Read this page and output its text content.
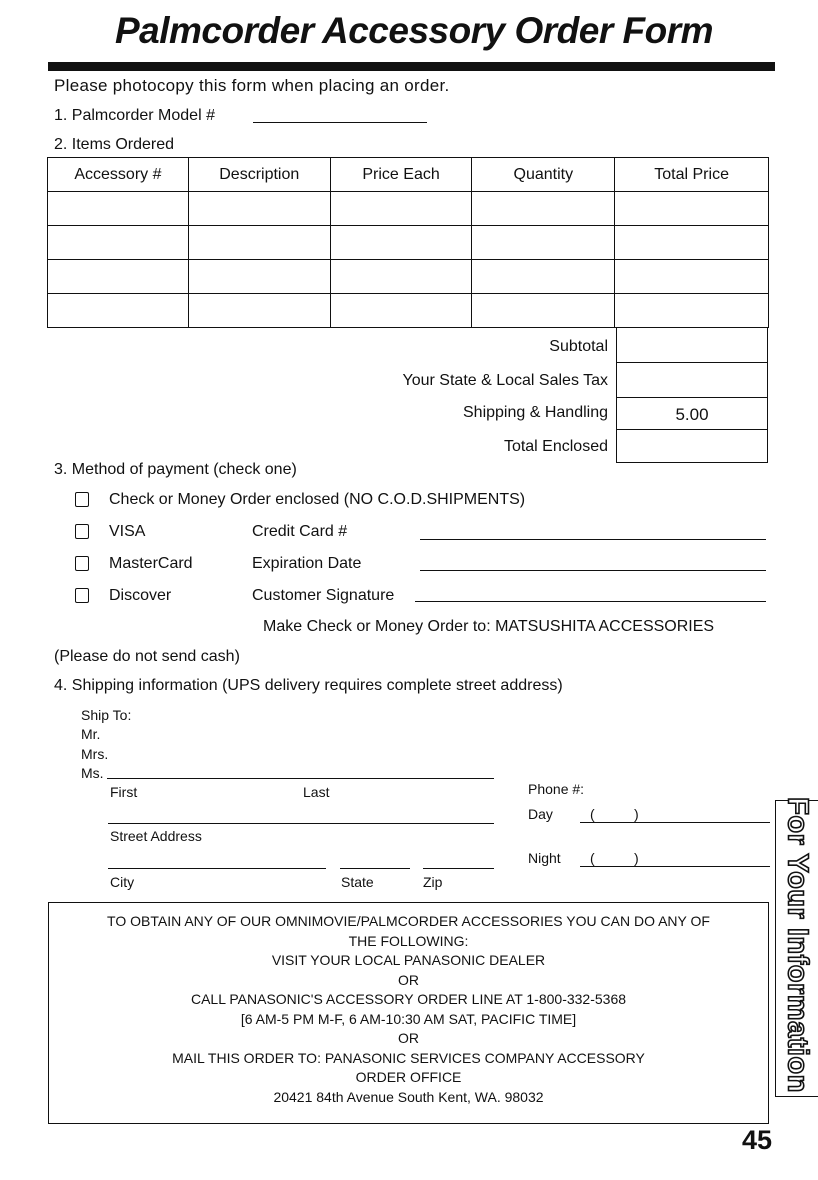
Palmcorder Accessory Order Form
Please photocopy this form when placing an order.
1. Palmcorder Model #
2. Items Ordered
Accessory #	Description	Price Each	Quantity	Total Price

Subtotal
Your State & Local Sales Tax
Shipping & Handling	5.00
Total Enclosed
3. Method of payment (check one)
Check or Money Order enclosed (NO C.O.D.SHIPMENTS)
VISA	Credit Card #
MasterCard	Expiration Date
Discover	Customer Signature
Make Check or Money Order to: MATSUSHITA ACCESSORIES
(Please do not send cash)
4. Shipping information (UPS delivery requires complete street address)
Ship To:
Mr.
Mrs.
Ms.
First	Last
Street Address
City	State	Zip
Phone #:
Day	(	)
Night (	)
TO OBTAIN ANY OF OUR OMNIMOVIE/PALMCORDER ACCESSORIES YOU CAN DO ANY OF
THE FOLLOWING:
VISIT YOUR LOCAL PANASONIC DEALER
OR
CALL PANASONIC'S ACCESSORY ORDER LINE AT 1-800-332-5368
[6 AM-5 PM M-F, 6 AM-10:30 AM SAT, PACIFIC TIME]
OR
MAIL THIS ORDER TO: PANASONIC SERVICES COMPANY ACCESSORY
ORDER OFFICE
20421 84th Avenue South Kent, WA. 98032
For Your Information
45
